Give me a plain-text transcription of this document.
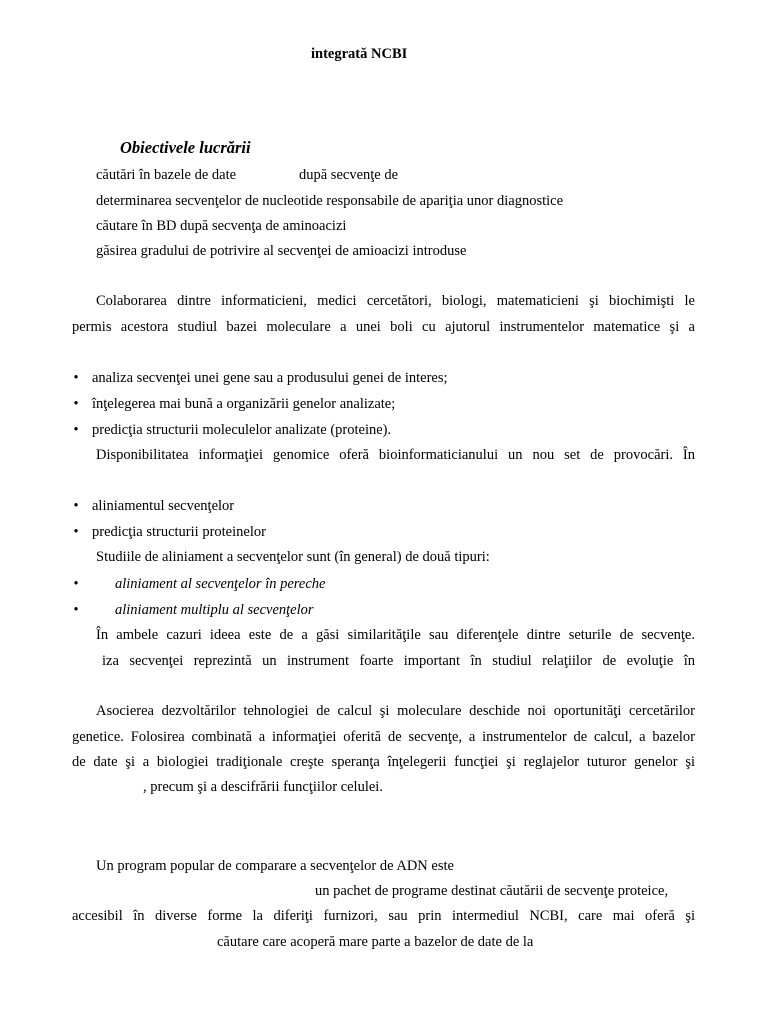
integrată NCBI
Obiectivele lucrării
căutări în bazele de date	după secvenţe de
determinarea secvenţelor de nucleotide responsabile de apariţia unor diagnostice
căutare în BD după secvenţa de aminoacizi
găsirea gradului de potrivire al secvenţei de amioacizi introduse
Colaborarea dintre informaticieni, medici cercetători, biologi, matematicieni şi biochimişti le
permis acestora studiul bazei moleculare a unei boli cu ajutorul instrumentelor matematice şi a
• analiza secvenţei unei gene sau a produsului genei de interes;
• înţelegerea mai bună a organizării genelor analizate;
• predicţia structurii moleculelor analizate (proteine).
Disponibilitatea informaţiei genomice oferă bioinformaticianului un nou set de provocări. În
• aliniamentul secvenţelor
• predicţia structurii proteinelor
Studiile de aliniament a secvenţelor sunt (în general) de două tipuri:
•	aliniament al secvenţelor în pereche
•	aliniament multiplu al secvenţelor
În ambele cazuri ideea este de a găsi similarităţile sau diferenţele dintre seturile de secvenţe.
iza secvenţei reprezintă un instrument foarte important în studiul relaţiilor de evoluţie în
Asocierea dezvoltărilor tehnologiei de calcul şi moleculare deschide noi oportunităţi cercetărilor
genetice. Folosirea combinată a informaţiei oferită de secvenţe, a instrumentelor de calcul, a bazelor
de date şi a biologiei tradiţionale creşte speranţa înţelegerii funcţiei şi reglajelor tuturor genelor şi
, precum şi a descifrării funcţiilor celulei.
Un program popular de comparare a secvenţelor de ADN este
un pachet de programe destinat căutării de secvenţe proteice,
accesibil în diverse forme la diferiţi furnizori, sau prin intermediul NCBI, care mai oferă şi
căutare care acoperă mare parte a bazelor de date de la
